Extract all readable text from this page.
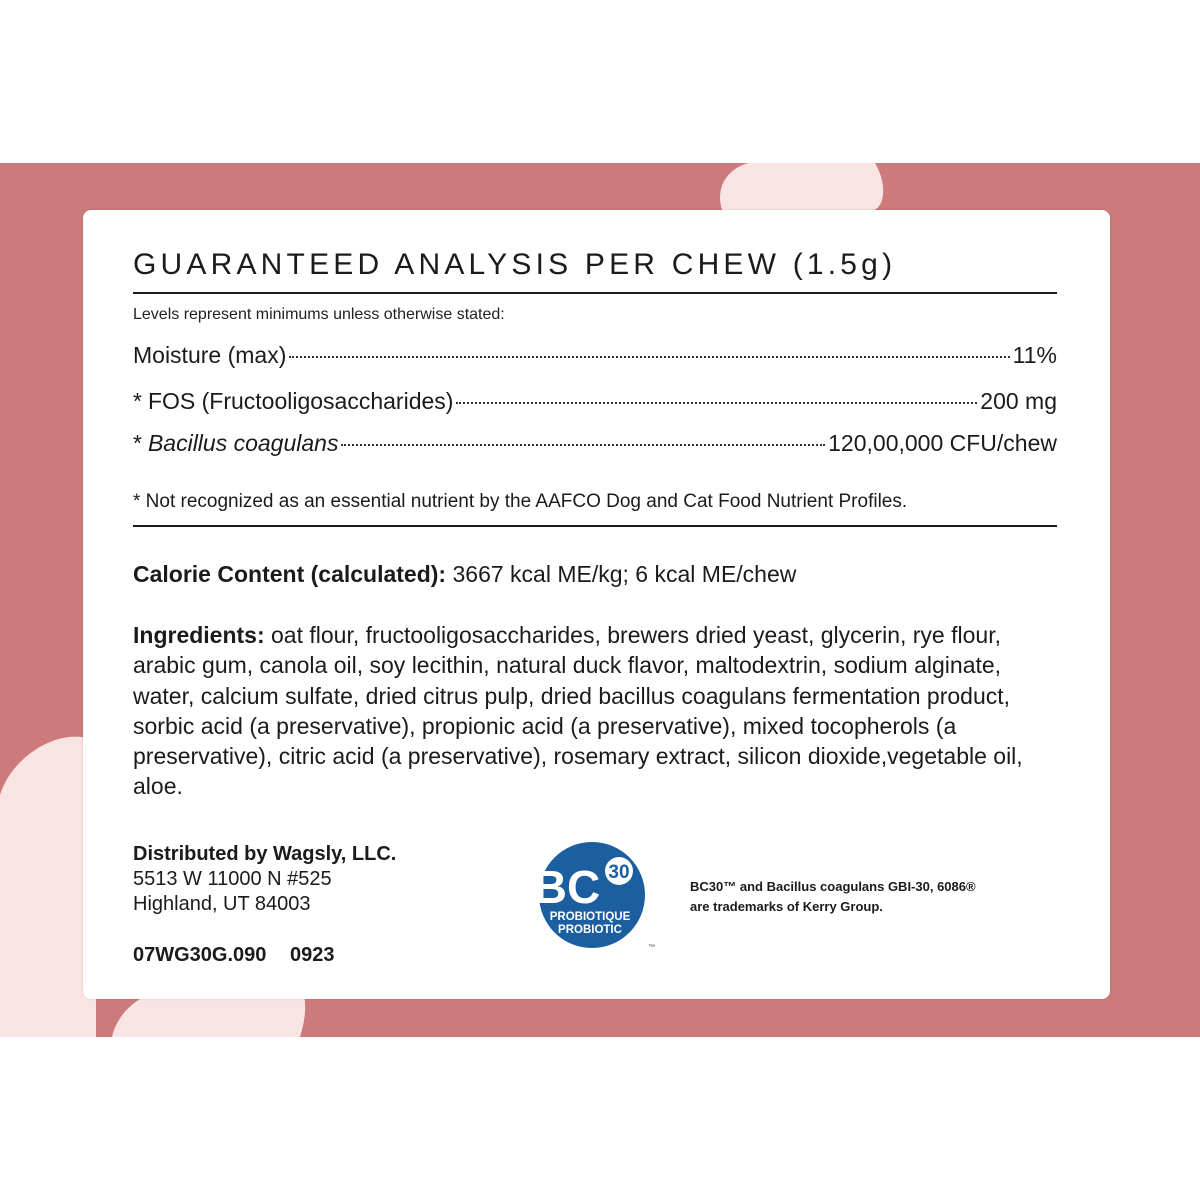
GUARANTEED ANALYSIS PER CHEW (1.5g)
Levels represent minimums unless otherwise stated:
Moisture (max)	11%
* FOS (Fructooligosaccharides)	200 mg
* Bacillus coagulans	120,00,000 CFU/chew
* Not recognized as an essential nutrient by the AAFCO Dog and Cat Food Nutrient Profiles.
Calorie Content (calculated): 3667 kcal ME/kg; 6 kcal ME/chew
Ingredients: oat flour, fructooligosaccharides, brewers dried yeast, glycerin, rye flour, arabic gum, canola oil, soy lecithin, natural duck flavor, maltodextrin, sodium alginate, water, calcium sulfate, dried citrus pulp, dried bacillus coagulans fermentation product, sorbic acid (a preservative), propionic acid (a preservative), mixed tocopherols (a preservative), citric acid (a preservative), rosemary extract, silicon dioxide,vegetable oil, aloe.
Distributed by Wagsly, LLC.
5513 W 11000 N #525
Highland, UT 84003
07WG30G.090 0923
BC 30
PROBIOTIQUE
PROBIOTIC
™
BC30™ and Bacillus coagulans GBI-30, 6086®
are trademarks of Kerry Group.
